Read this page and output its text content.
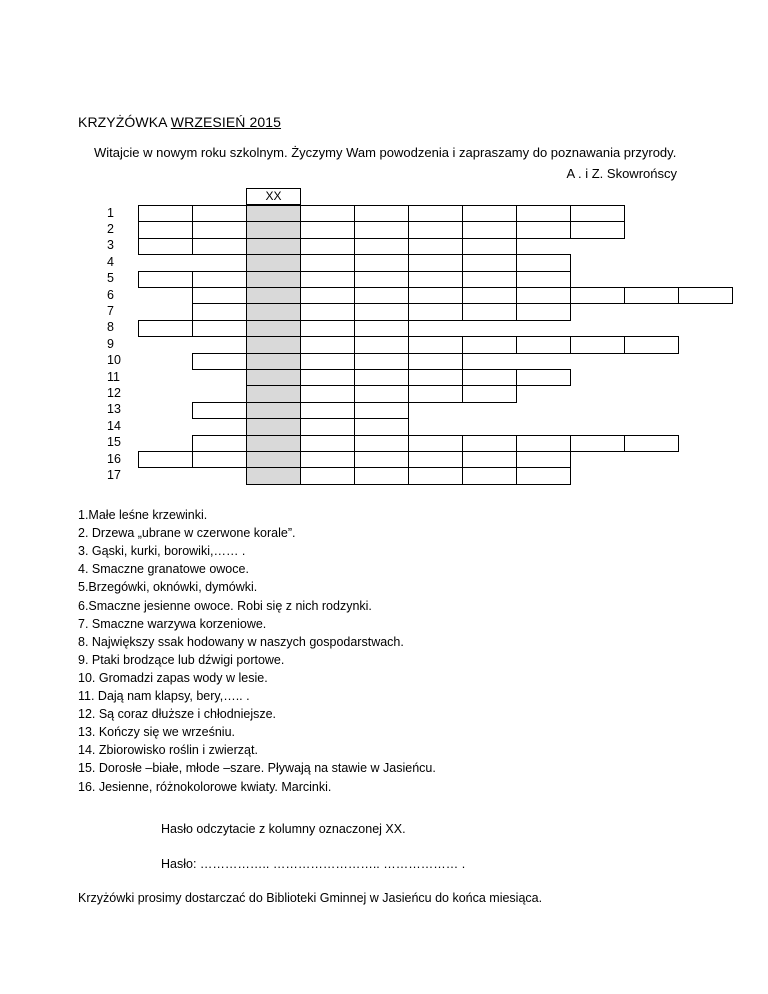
KRZYŻÓWKA WRZESIEŃ 2015
Witajcie w nowym roku szkolnym. Życzymy Wam powodzenia i zapraszamy do poznawania przyrody.
A . i Z. Skowrońscy
XX
1
2
3
4
5
6
7
8
9
10
11
12
13
14
15
16
17
1.Małe leśne krzewinki.
2. Drzewa „ubrane w czerwone korale”.
3. Gąski, kurki, borowiki,…… .
4. Smaczne granatowe owoce.
5.Brzegówki, oknówki, dymówki.
6.Smaczne jesienne owoce. Robi się z nich rodzynki.
7. Smaczne warzywa korzeniowe.
8. Największy ssak hodowany w naszych gospodarstwach.
9. Ptaki brodzące lub dźwigi portowe.
10. Gromadzi zapas wody w lesie.
11. Dają nam klapsy, bery,….. .
12. Są coraz dłuższe i chłodniejsze.
13. Kończy się we wrześniu.
14. Zbiorowisko roślin i zwierząt.
15. Dorosłe –białe, młode –szare. Pływają na stawie w Jasieńcu.
16. Jesienne, różnokolorowe kwiaty. Marcinki.
Hasło odczytacie z kolumny oznaczonej XX.
Hasło: …………….. …………………….. ……………… .
Krzyżówki prosimy dostarczać do Biblioteki Gminnej w Jasieńcu do końca miesiąca.
